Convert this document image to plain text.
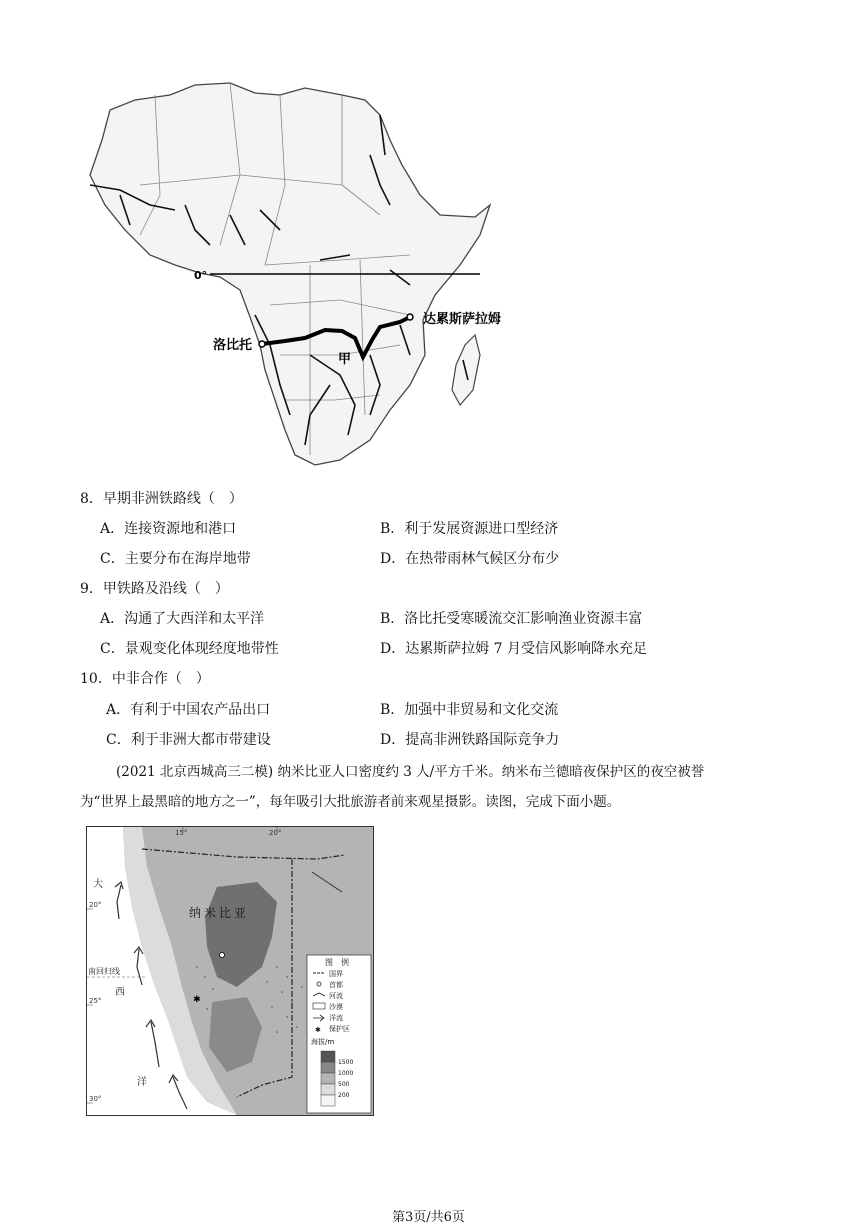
0°
洛比托
达累斯萨拉姆
甲
8．早期非洲铁路线（　）
A．连接资源地和港口	B．利于发展资源进口型经济
C．主要分布在海岸地带	D．在热带雨林气候区分布少
9．甲铁路及沿线（　）
A．沟通了大西洋和太平洋	B．洛比托受寒暖流交汇影响渔业资源丰富
C．景观变化体现经度地带性	D．达累斯萨拉姆 7 月受信风影响降水充足
10．中非合作（　）
A．有利于中国农产品出口	B．加强中非贸易和文化交流
C．利于非洲大都市带建设	D．提高非洲铁路国际竞争力
(2021 北京西城高三二模) 纳米比亚人口密度约 3 人/平方千米。纳米布兰德暗夜保护区的夜空被誉
为“世界上最黑暗的地方之一”，每年吸引大批旅游者前来观星摄影。读图，完成下面小题。
✱
15°	20°
20°
25°
30°
南回归线
大
西
洋
纳米比亚
图　例
国界
首都
河流
沙漠
洋流
✱ 保护区
海拔/m
1500
1000
500
200
第3页/共6页
